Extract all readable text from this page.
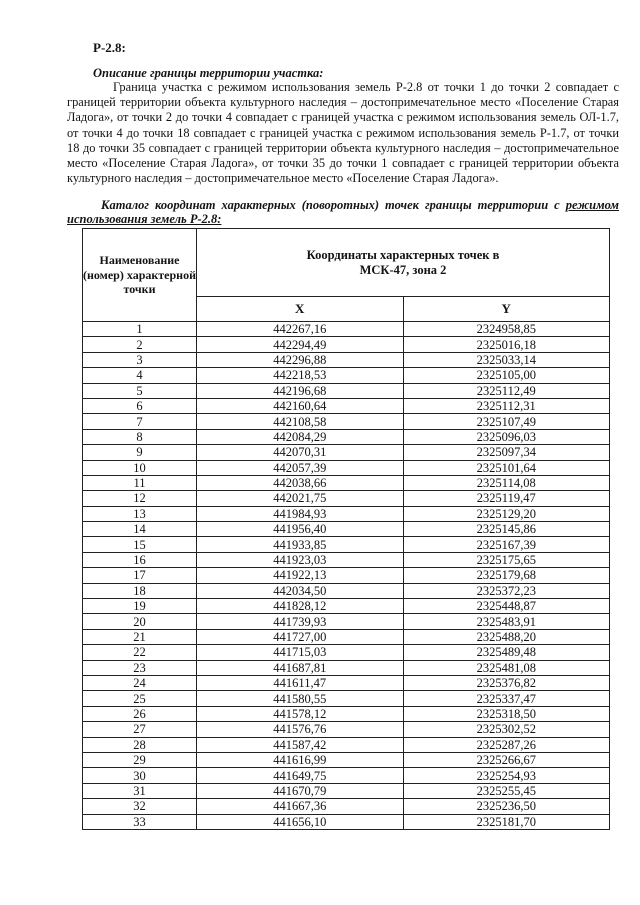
Р-2.8:
Описание границы территории участка:

Граница участка с режимом использования земель Р-2.8 от точки 1 до точки 2 совпадает с границей территории объекта культурного наследия – достопримечательное место «Поселение Старая Ладога», от точки 2 до точки 4 совпадает с границей участка с режимом использования земель ОЛ-1.7, от точки 4 до точки 18 совпадает с границей участка с режимом использования земель Р-1.7, от точки 18 до точки 35 совпадает с границей территории объекта культурного наследия – достопримечательное место «Поселение Старая Ладога», от точки 35 до точки 1 совпадает с границей территории объекта культурного наследия – достопримечательное место «Поселение Старая Ладога».

Каталог координат характерных (поворотных) точек границы территории с режимом использования земель Р-2.8:

Наименование (номер) характерной точки	Координаты характерных точек в
МСК-47, зона 2	
	X	Y
1	442267,16	2324958,85
2	442294,49	2325016,18
3	442296,88	2325033,14
4	442218,53	2325105,00
5	442196,68	2325112,49
6	442160,64	2325112,31
7	442108,58	2325107,49
8	442084,29	2325096,03
9	442070,31	2325097,34
10	442057,39	2325101,64
11	442038,66	2325114,08
12	442021,75	2325119,47
13	441984,93	2325129,20
14	441956,40	2325145,86
15	441933,85	2325167,39
16	441923,03	2325175,65
17	441922,13	2325179,68
18	442034,50	2325372,23
19	441828,12	2325448,87
20	441739,93	2325483,91
21	441727,00	2325488,20
22	441715,03	2325489,48
23	441687,81	2325481,08
24	441611,47	2325376,82
25	441580,55	2325337,47
26	441578,12	2325318,50
27	441576,76	2325302,52
28	441587,42	2325287,26
29	441616,99	2325266,67
30	441649,75	2325254,93
31	441670,79	2325255,45
32	441667,36	2325236,50
33	441656,10	2325181,70
